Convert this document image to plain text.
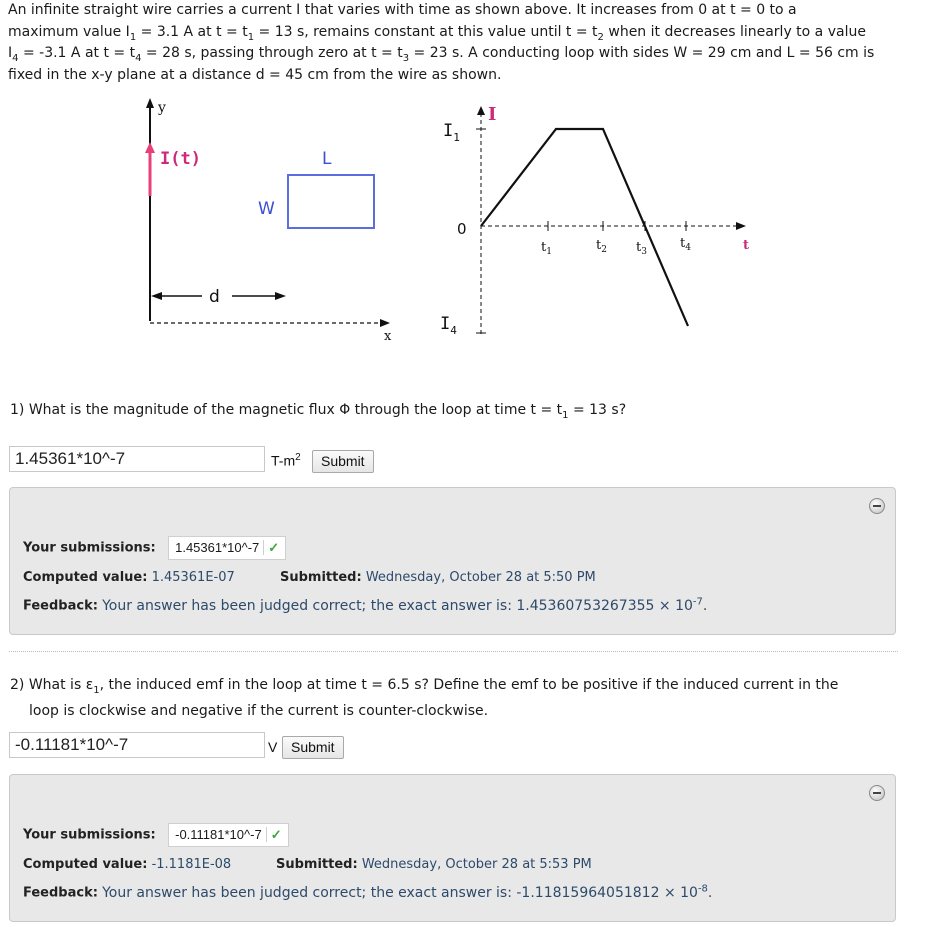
An infinite straight wire carries a current I that varies with time as shown above. It increases from 0 at t = 0 to a
maximum value $I_1 = 3.1$ A at $t = t_1 = 13$ s, remains constant at this value until $t = t_2$ when it decreases linearly to a value
$I_4 = -3.1$ A at $t = t_4 = 28$ s, passing through zero at $t = t_3 = 23$ s. A conducting loop with sides W = 29 cm and L = 56 cm is
fixed in the x-y plane at a distance d = 45 cm from the wire as shown.
y
I(t)
x
d
L
W
I
$I_1$
0
$I_4$
t
$t_1$	$t_2$ $t_3$
$t_4$
1) What is the magnitude of the magnetic flux Φ through the loop at time $t = t_1 = 13$ s?
1.45361*10^-7
$T-m^2$	Submit
Your submissions: 1.45361*10^-7 ✓
Computed value: 1.45361E-07	Submitted: Wednesday, October 28 at 5:50 PM
Feedback: Your answer has been judged correct; the exact answer is: $1.45360753267355 \times 10^{-7}$.
2) What is $\varepsilon_1$, the induced emf in the loop at time t = 6.5 s? Define the emf to be positive if the induced current in the
loop is clockwise and negative if the current is counter-clockwise.
-0.11181*10^-7
V Submit
Your submissions: -0.11181*10^-7 ✓
Computed value: -1.1181E-08	Submitted: Wednesday, October 28 at 5:53 PM
Feedback: Your answer has been judged correct; the exact answer is: $-1.11815964051812 \times 10^{-8}$.
